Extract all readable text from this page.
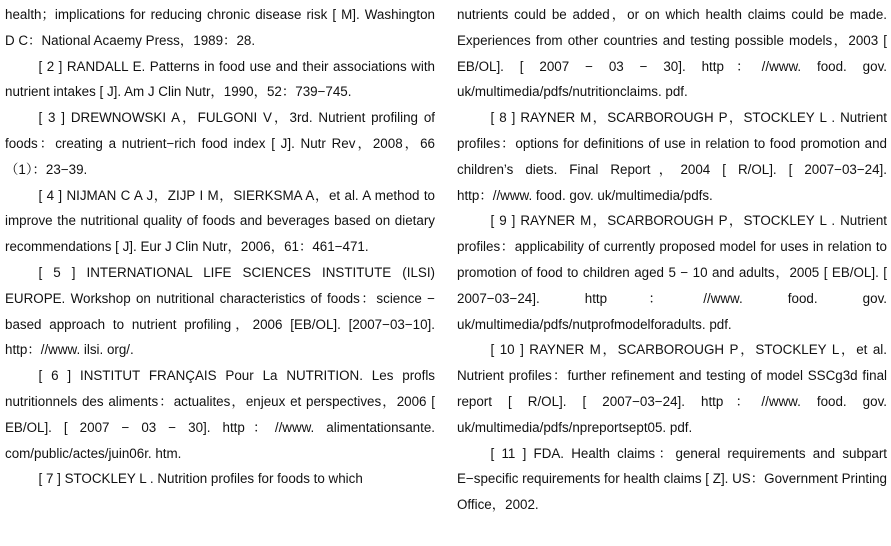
health；implications for reducing chronic disease risk [ M]. Washington D C：National Acaemy Press，1989：28.

[ 2 ] RANDALL E. Patterns in food use and their associations with nutrient intakes [ J]. Am J Clin Nutr，1990，52：739−745.

[ 3 ] DREWNOWSKI A，FULGONI V，3rd. Nutrient profiling of foods：creating a nutrient−rich food index [ J]. Nutr Rev，2008，66（1）：23−39.

[ 4 ] NIJMAN C A J，ZIJP I M，SIERKSMA A，et al. A method to improve the nutritional quality of foods and beverages based on dietary recommendations [ J]. Eur J Clin Nutr，2006，61：461−471.

[ 5 ] INTERNATIONAL LIFE SCIENCES INSTITUTE (ILSI) EUROPE. Workshop on nutritional characteristics of foods：science − based approach to nutrient profiling，2006 [EB/OL]. [2007−03−10]. http：//www. ilsi. org/.

[ 6 ] INSTITUT FRANÇAIS Pour La NUTRITION. Les profls nutritionnels des aliments：actualites，enjeux et perspectives，2006 [ EB/OL]. [ 2007 − 03 − 30]. http：//www. alimentationsante. com/public/actes/juin06r. htm.

[ 7 ] STOCKLEY L . Nutrition profiles for foods to which

nutrients could be added，or on which health claims could be made. Experiences from other countries and testing possible models，2003 [ EB/OL]. [ 2007 − 03 − 30]. http：//www. food. gov. uk/multimedia/pdfs/nutritionclaims. pdf.

[ 8 ] RAYNER M，SCARBOROUGH P，STOCKLEY L . Nutrient profiles：options for definitions of use in relation to food promotion and children’s diets. Final Report，2004 [ R/OL]. [ 2007−03−24]. http：//www. food. gov. uk/multimedia/pdfs.

[ 9 ] RAYNER M，SCARBOROUGH P，STOCKLEY L . Nutrient profiles：applicability of currently proposed model for uses in relation to promotion of food to children aged 5 − 10 and adults，2005 [ EB/OL]. [ 2007−03−24]. http：//www. food. gov. uk/multimedia/pdfs/nutprofmodelforadults. pdf.

[ 10 ] RAYNER M，SCARBOROUGH P，STOCKLEY L，et al. Nutrient profiles：further refinement and testing of model SSCg3d final report [ R/OL]. [ 2007−03−24]. http：//www. food. gov. uk/multimedia/pdfs/npreportsept05. pdf.

[ 11 ] FDA. Health claims：general requirements and subpart E−specific requirements for health claims [ Z]. US：Government Printing Office，2002.
